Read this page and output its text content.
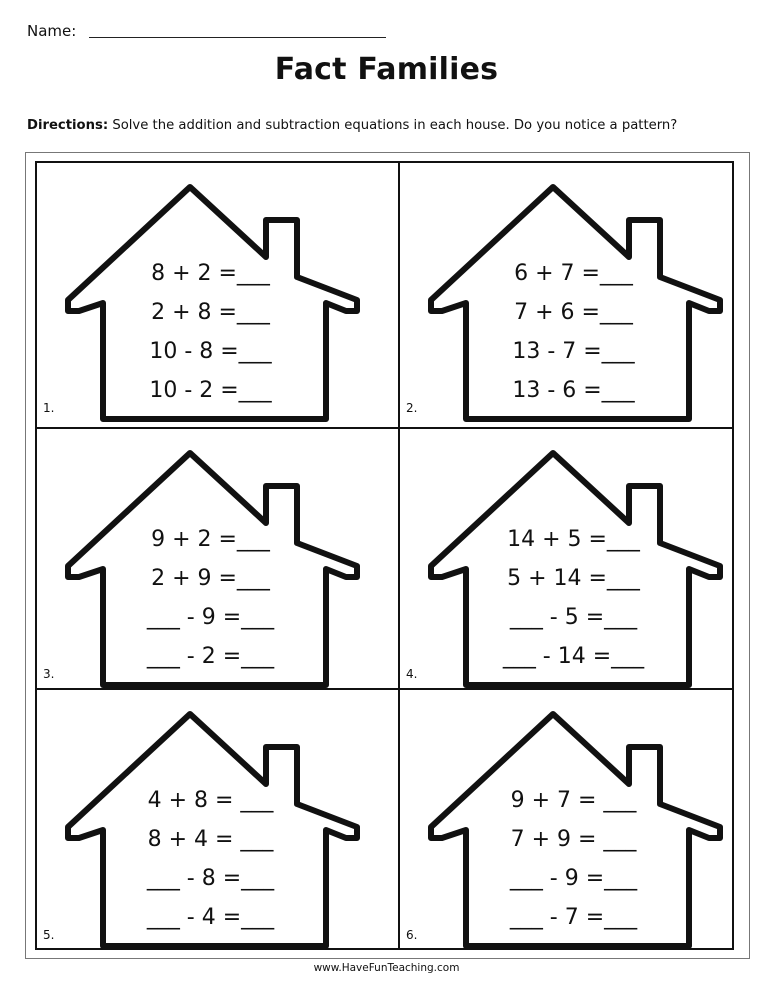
Name:
Fact Families
Directions: Solve the addition and subtraction equations in each house. Do you notice a pattern?
8 + 2 =___
2 + 8 =___
10 - 8 =___
10 - 2 =___
1.
6 + 7 =___
7 + 6 =___
13 - 7 =___
13 - 6 =___
2.
9 + 2 =___
2 + 9 =___
___ - 9 =___
___ - 2 =___
3.
14 + 5 =___
5 + 14 =___
___ - 5 =___
___ - 14 =___
4.
4 + 8 = ___
8 + 4 = ___
___ - 8 =___
___ - 4 =___
5.
9 + 7 = ___
7 + 9 = ___
___ - 9 =___
___ - 7 =___
6.
www.HaveFunTeaching.com
